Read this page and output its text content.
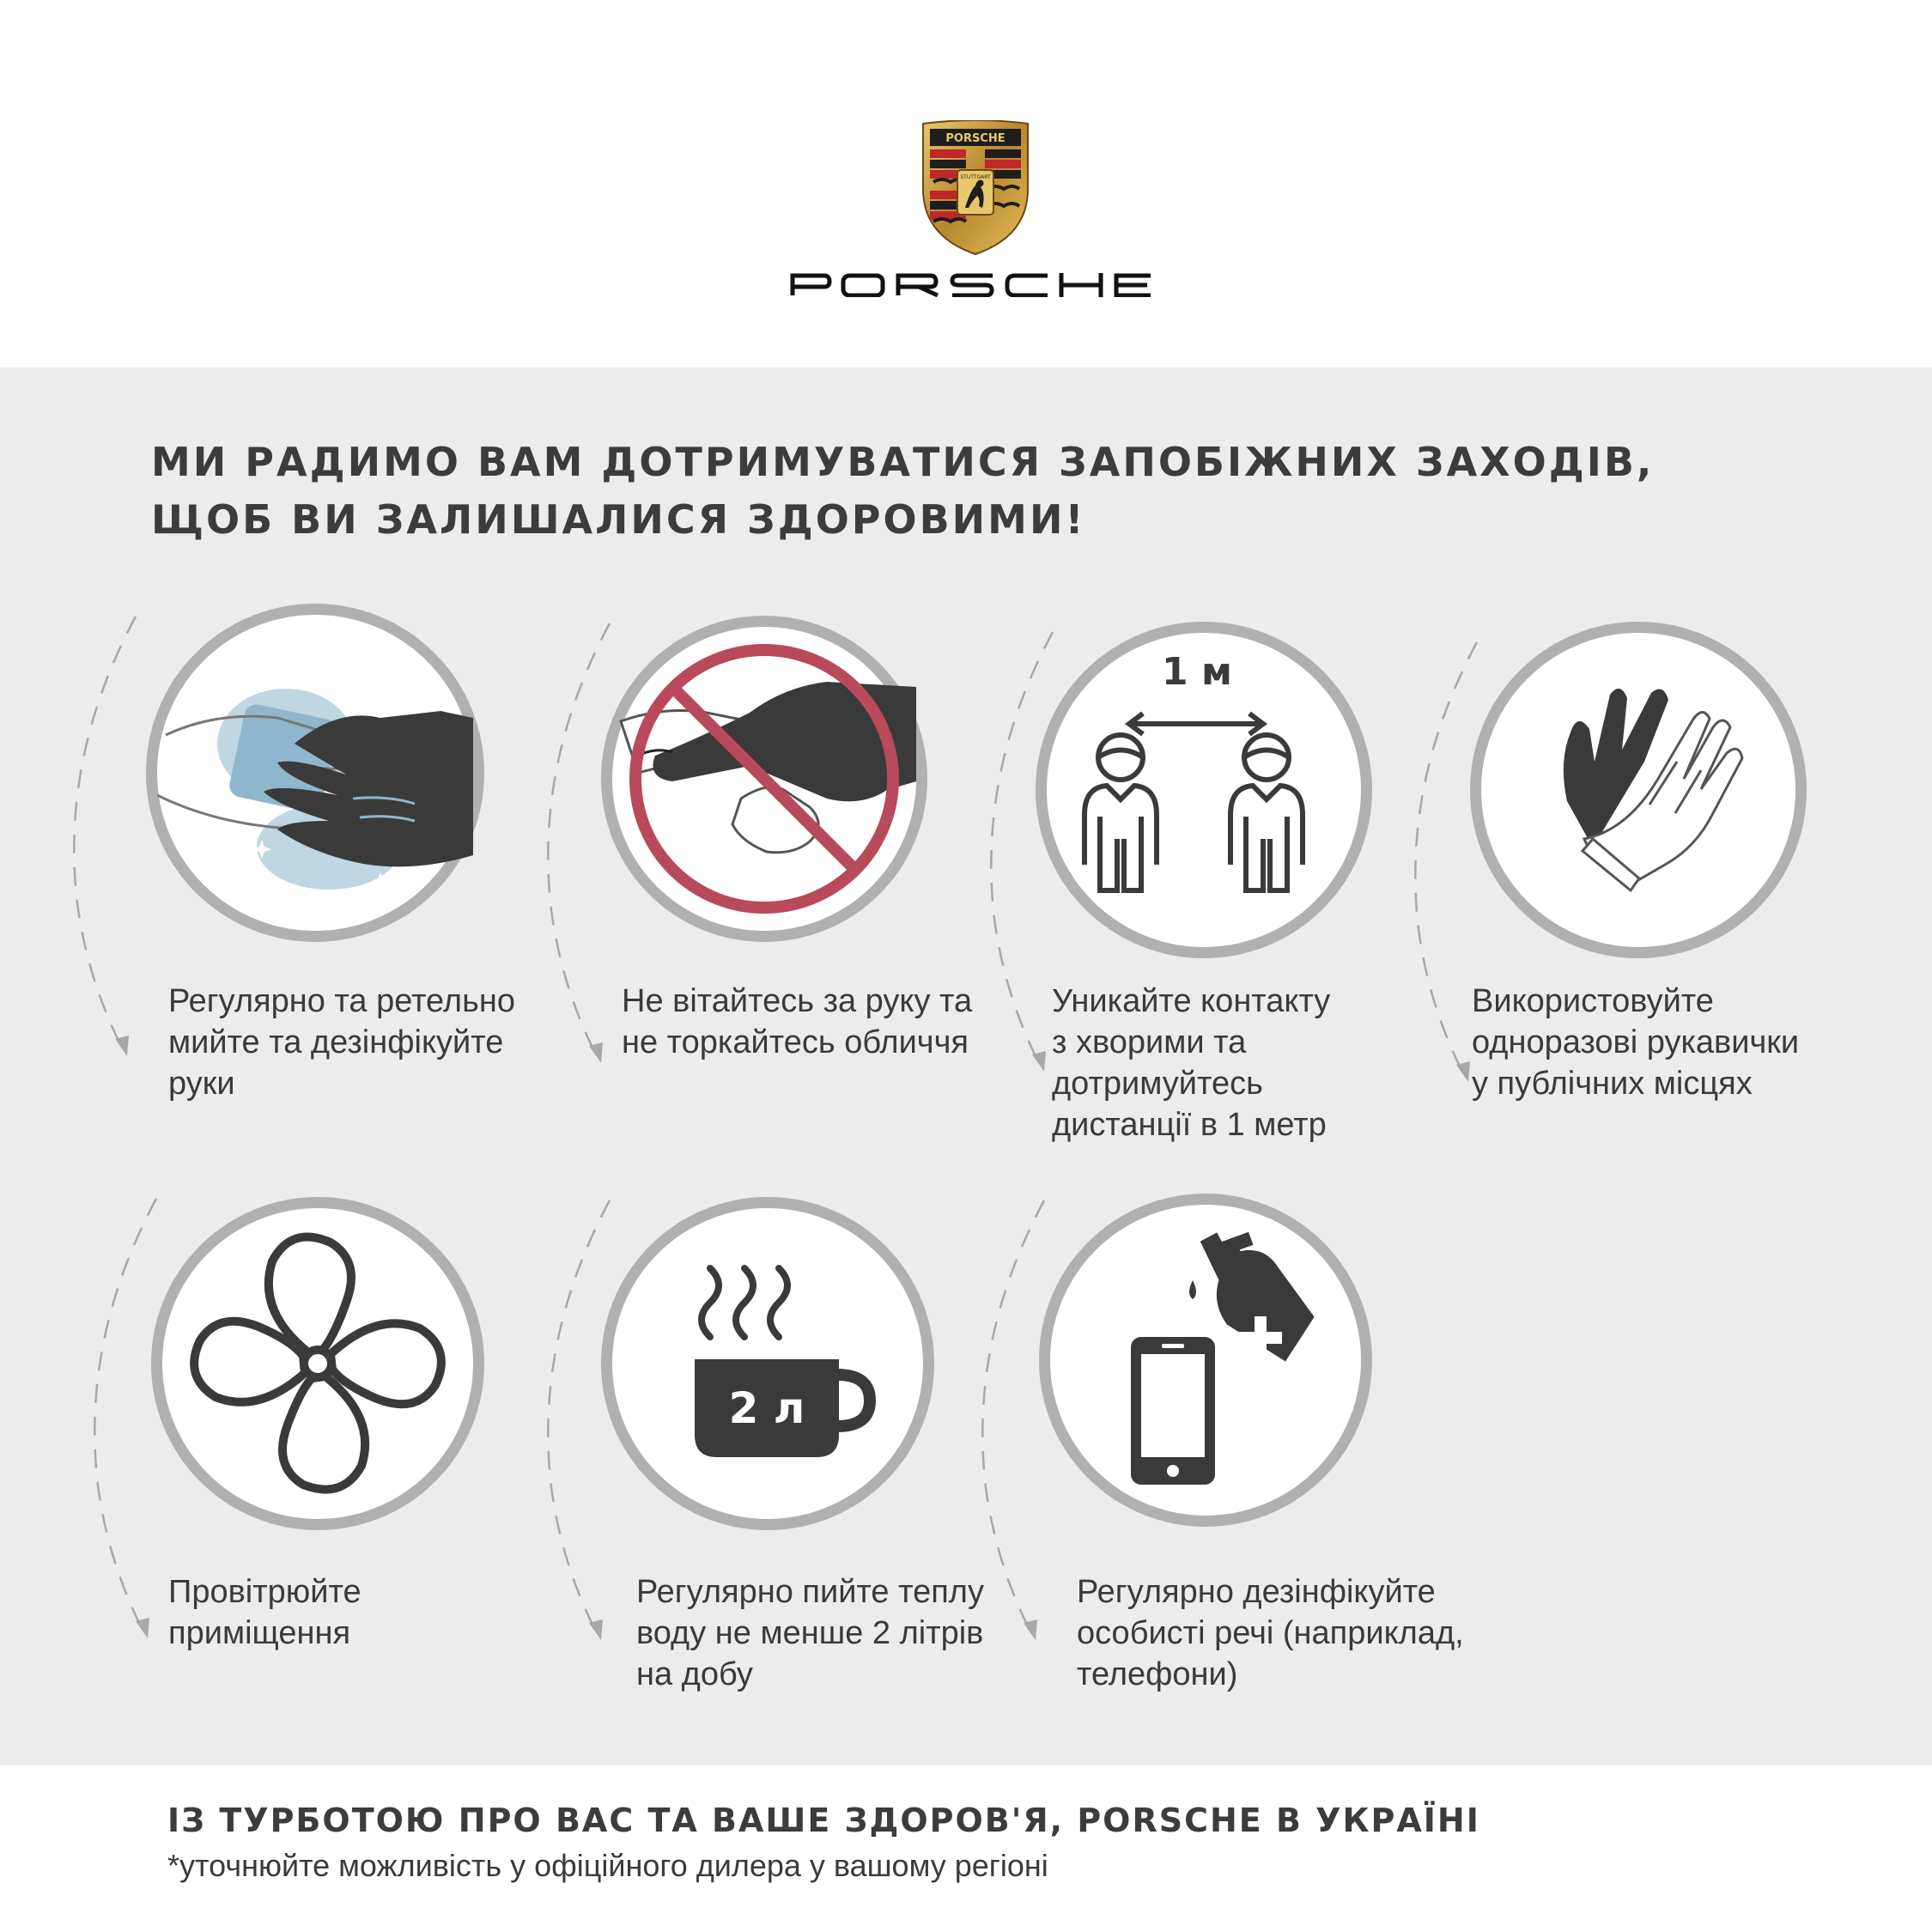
PORSCHE
STUTTGART
МИ РАДИМО ВАМ ДОТРИМУВАТИСЯ ЗАПОБІЖНИХ ЗАХОДІВ,
ЩОБ ВИ ЗАЛИШАЛИСЯ ЗДОРОВИМИ!
Регулярно та ретельно
мийте та дезінфікуйте
руки
Не вітайтесь за руку та
не торкайтесь обличчя
1 м
Уникайте контакту
з хворими та
дотримуйтесь
дистанції в 1 метр
Використовуйте
одноразові рукавички
у публічних місцях
Провітрюйте
приміщення
2 л
Регулярно пийте теплу
воду не менше 2 літрів
на добу
Регулярно дезінфікуйте
особисті речі (наприклад,
телефони)
ІЗ ТУРБОТОЮ ПРО ВАС ТА ВАШЕ ЗДОРОВ'Я, PORSCHE В УКРАЇНІ
*уточнюйте можливість у офіційного дилера у вашому регіоні
